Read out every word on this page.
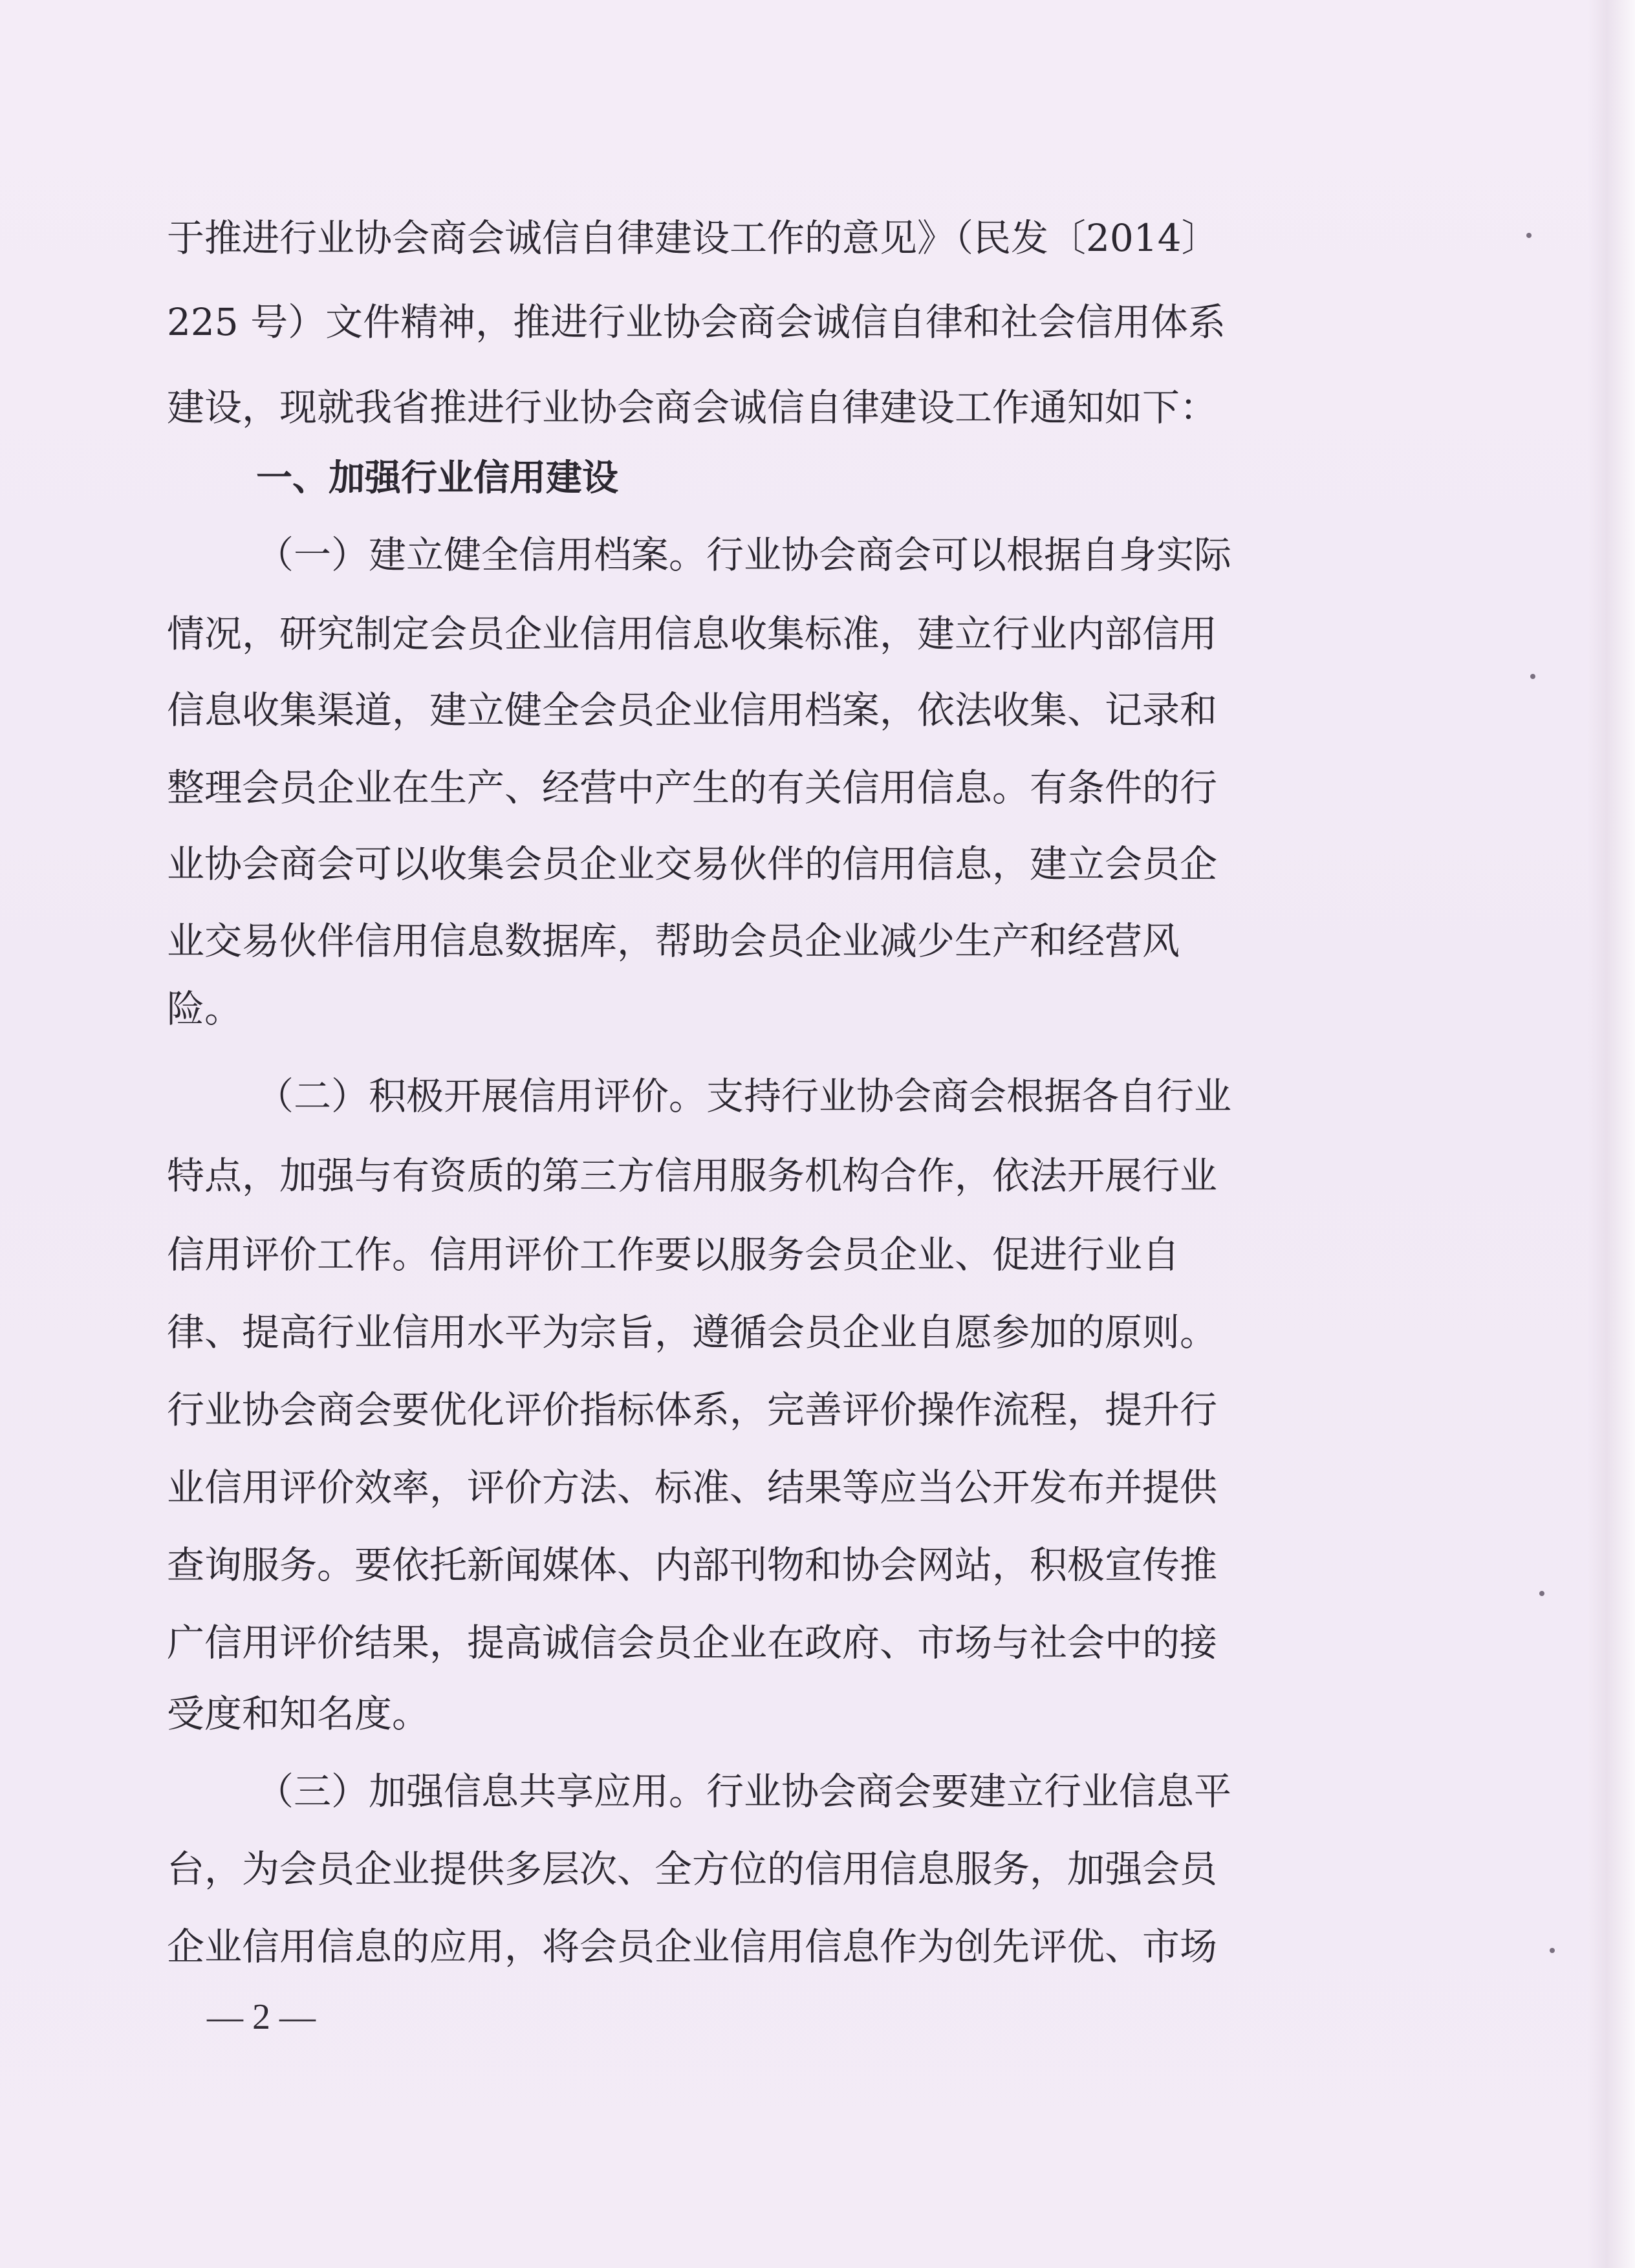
于推进行业协会商会诚信自律建设工作的意见》（民发〔2014〕
225 号）文件精神，推进行业协会商会诚信自律和社会信用体系
建设，现就我省推进行业协会商会诚信自律建设工作通知如下：
一、加强行业信用建设
（一）建立健全信用档案。行业协会商会可以根据自身实际
情况，研究制定会员企业信用信息收集标准，建立行业内部信用
信息收集渠道，建立健全会员企业信用档案，依法收集、记录和
整理会员企业在生产、经营中产生的有关信用信息。有条件的行
业协会商会可以收集会员企业交易伙伴的信用信息，建立会员企
业交易伙伴信用信息数据库，帮助会员企业减少生产和经营风
险。
（二）积极开展信用评价。支持行业协会商会根据各自行业
特点，加强与有资质的第三方信用服务机构合作，依法开展行业
信用评价工作。信用评价工作要以服务会员企业、促进行业自
律、提高行业信用水平为宗旨，遵循会员企业自愿参加的原则。
行业协会商会要优化评价指标体系，完善评价操作流程，提升行
业信用评价效率，评价方法、标准、结果等应当公开发布并提供
查询服务。要依托新闻媒体、内部刊物和协会网站，积极宣传推
广信用评价结果，提高诚信会员企业在政府、市场与社会中的接
受度和知名度。
（三）加强信息共享应用。行业协会商会要建立行业信息平
台，为会员企业提供多层次、全方位的信用信息服务，加强会员
企业信用信息的应用，将会员企业信用信息作为创先评优、市场
— 2 —
